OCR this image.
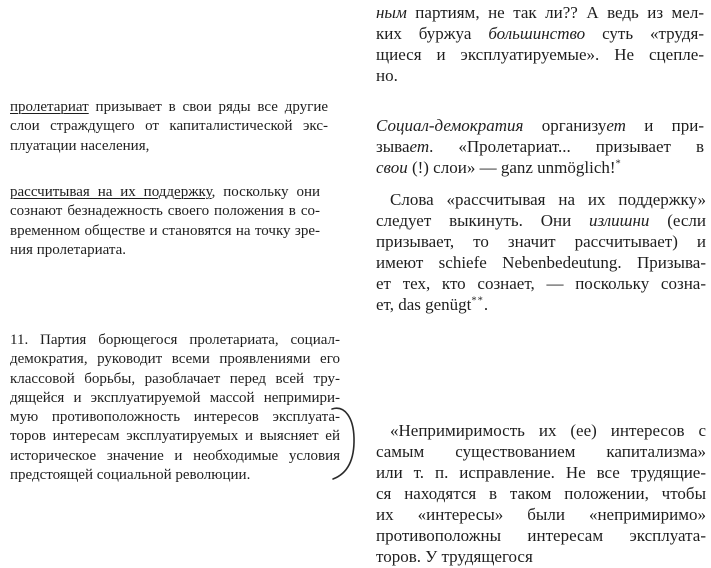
пролетариат призывает в свои ряды все другие
слои страждущего от капиталистической экс-
плуатации населения,
рассчитывая на их поддержку, поскольку они
сознают безнадежность своего положения в со-
временном обществе и становятся на точку зре-
ния пролетариата.
11. Партия борющегося пролетариата, социал-
демократия, руководит всеми проявлениями его
классовой борьбы, разоблачает перед всей тру-
дящейся и эксплуатируемой массой непримири-
мую противоположность интересов эксплуата-
торов интересам эксплуатируемых и выясняет ей
историческое значение и необходимые условия
предстоящей социальной революции.
ным партиям, не так ли?? А ведь из мел-
ких буржуа большинство суть «трудя-
щиеся и эксплуатируемые». Не сцепле-
но.
Социал-демократия организует и при-
зывает. «Пролетариат... призывает в
свои (!) слои» — ganz unmöglich!*
Слова «рассчитывая на их поддержку»
следует выкинуть. Они излишни (если
призывает, то значит рассчитывает) и
имеют schiefe Nebenbedeutung. Призыва-
ет тех, кто сознает, — поскольку созна-
ет, das genügt**.
«Непримиримость их (ее) интересов с
самым существованием капитализма»
или т. п. исправление. Не все трудящие-
ся находятся в таком положении, чтобы
их «интересы» были «непримиримо»
противоположны интересам эксплуата-
торов. У трудящегося
